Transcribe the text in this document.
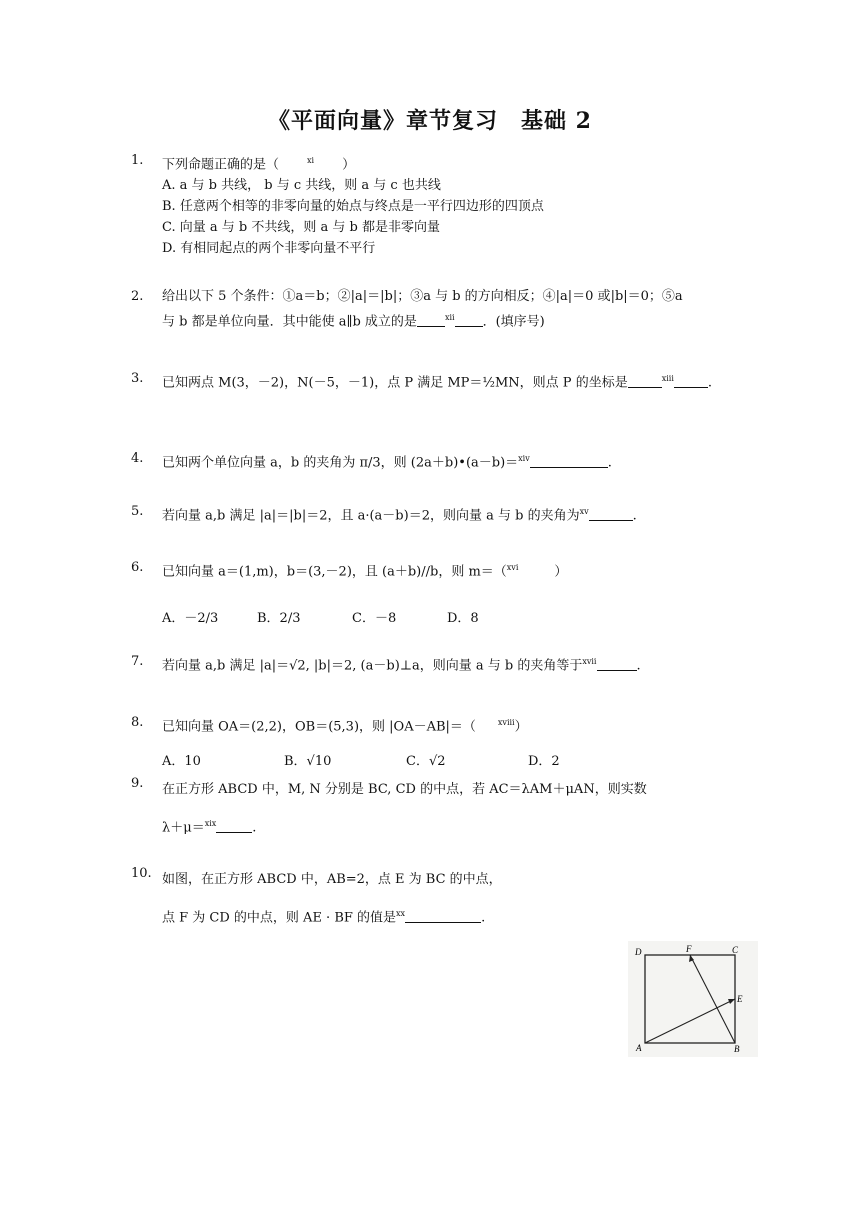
《平面向量》章节复习　基础 2
1.	下列命题正确的是（	$^{xi}$ ）
A. a 与 b 共线， b 与 c 共线，则 a 与 c 也共线
B. 任意两个相等的非零向量的始点与终点是一平行四边形的四顶点
C. 向量 a 与 b 不共线，则 a 与 b 都是非零向量
D. 有相同起点的两个非零向量不平行
2.	给出以下 5 个条件：①a＝b；②|a|＝|b|；③a 与 b 的方向相反；④|a|＝0 或|b|＝0；⑤a
与 b 都是单位向量．其中能使 a∥b 成立的是	$^{xii}$ ．(填序号)
3.	已知两点 M(3，－2)，N(－5，－1)，点 P 满足 MP＝½MN，则点 P 的坐标是	$^{xiii}$	.
4.	已知两个单位向量 a，b 的夹角为 π/3，则 (2a＋b)•(a－b)＝$^{xiv}$	.
5.	若向量 a,b 满足 |a|＝|b|＝2，且 a·(a－b)＝2，则向量 a 与 b 的夹角为$^{xv}$	.
6.	已知向量 a＝(1,m)，b＝(3,－2)，且 (a＋b)//b，则 m＝（$^{xvi}$	）
A．－2/3	B．2/3	C．－8	D．8
7.	若向量 a,b 满足 |a|＝√2, |b|＝2, (a－b)⊥a，则向量 a 与 b 的夹角等于$^{xvii}$	.
8.	已知向量 OA＝(2,2)，OB＝(5,3)，则 |OA－AB|＝（	$^{xviii}$）
A．10	B．√10	C．√2	D．2
9.	在正方形 ABCD 中，M, N 分别是 BC, CD 的中点，若 AC＝λAM＋μAN，则实数
λ＋μ＝$^{xix}$	.
10. 如图，在正方形 ABCD 中，AB=2，点 E 为 BC 的中点，
点 F 为 CD 的中点，则 AE · BF 的值是$^{xx}$	.
D	F	C
E
A	B
